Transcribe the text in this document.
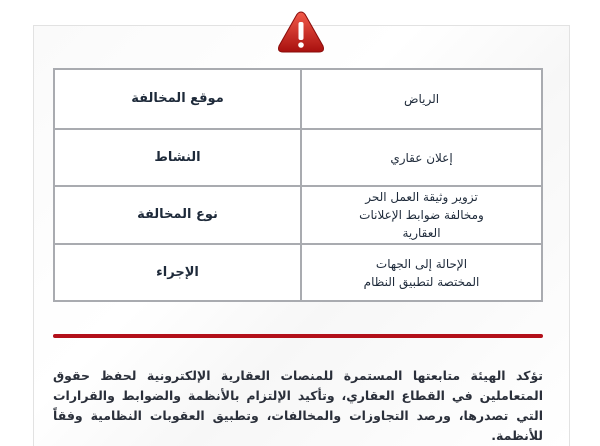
موقع المخالفة	الرياض
النشاط	إعلان عقاري
نوع المخالفة	تزوير وثيقة العمل الحر ومخالفة ضوابط الإعلانات العقارية
الإجراء	الإحالة إلى الجهات المختصة لتطبيق النظام
تؤكد الهيئة متابعتها المستمرة للمنصات العقارية الإلكترونية لحفظ حقوق المتعاملين في القطاع العقاري، وتأكيد الإلتزام بالأنظمة والضوابط والقرارات التي تصدرها، ورصد التجاوزات والمخالفات، وتطبيق العقوبات النظامية وفقاً للأنظمة.
